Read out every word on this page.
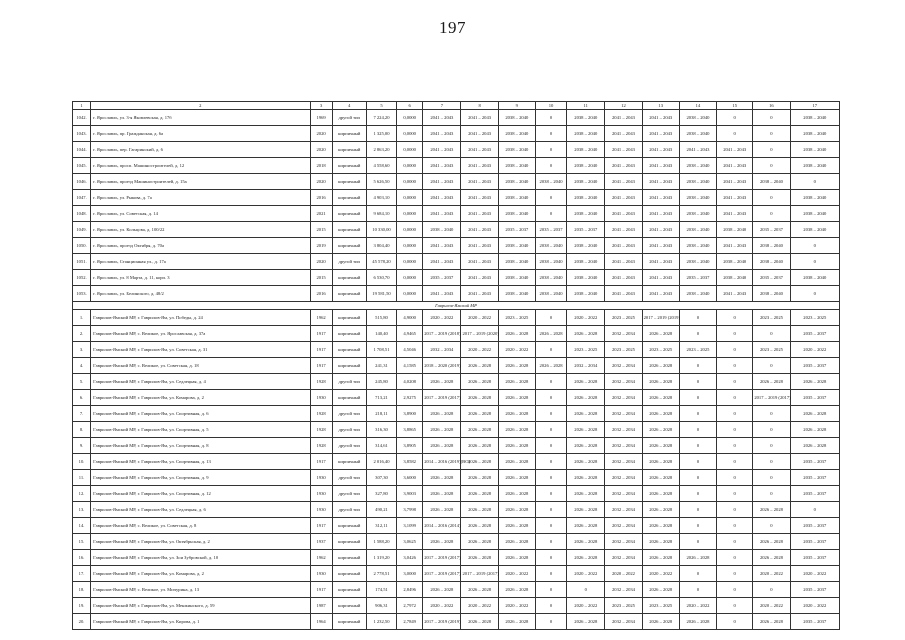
197
1	2	3	4	5	6	7	8	9	10	11	12	13	14	15	16	17
1042.	г. Ярославль, ул. 3-я Яковлевская, д. 17б	1969	другой тип	7 224,20	0,0000	2041 – 2043	2041 – 2043	2038 – 2040	0	2038 – 2040	2041 – 2043	2041 – 2043	2038 – 2040	0	0	2038 – 2040
1043.	г. Ярославль, пр. Гражданская, д. 6а	2020	кирпичный	1 325,00	0,0000	2041 – 2043	2041 – 2043	2038 – 2040	0	2038 – 2040	2041 – 2043	2041 – 2043	2038 – 2040	0	0	2038 – 2040
1044.	г. Ярославль, пер. Гагаринский, д. 6	2020	кирпичный	2 863,20	0,0000	2041 – 2043	2041 – 2043	2038 – 2040	0	2038 – 2040	2041 – 2043	2041 – 2043	2041 – 2043	2041 – 2043	0	2038 – 2040
1045.	г. Ярославль, просп. Машиностроителей, д. 12	2018	кирпичный	4 558,60	0,0000	2041 – 2043	2041 – 2043	2038 – 2040	0	2038 – 2040	2041 – 2043	2041 – 2043	2038 – 2040	2041 – 2043	0	2038 – 2040
1046.	г. Ярославль, проезд Машиностроителей, д. 15а	2020	кирпичный	5 626,50	0,0000	2041 – 2043	2041 – 2043	2038 – 2040	2038 – 2040	2038 – 2040	2041 – 2043	2041 – 2043	2038 – 2040	2041 – 2043	2038 – 2040	0
1047.	г. Ярославль, ул. Рыкова, д. 7а	2016	кирпичный	4 903,10	0,0000	2041 – 2043	2041 – 2043	2038 – 2040	0	2038 – 2040	2041 – 2043	2041 – 2043	2038 – 2040	2041 – 2043	0	2038 – 2040
1048.	г. Ярославль, ул. Советская, д. 14	2021	кирпичный	9 684,10	0,0000	2041 – 2043	2041 – 2043	2038 – 2040	0	2038 – 2040	2041 – 2043	2041 – 2043	2038 – 2040	2041 – 2043	0	2038 – 2040
1049.	г. Ярославль, ул. Кольцова, д. 100/22	2015	кирпичный	10 330,00	0,0000	2038 – 2040	2041 – 2043	2035 – 2037	2035 – 2037	2035 – 2037	2041 – 2043	2041 – 2043	2038 – 2040	2038 – 2040	2035 – 2037	2038 – 2040
1050.	г. Ярославль, проезд Октября, д. 70а	2019	кирпичный	3 804,40	0,0000	2041 – 2043	2041 – 2043	2038 – 2040	2038 – 2040	2038 – 2040	2041 – 2043	2041 – 2043	2038 – 2040	2041 – 2043	2038 – 2040	0
1051.	г. Ярославль, Станционная ул., д. 17а	2020	другой тип	45 578,20	0,0000	2041 – 2043	2041 – 2043	2038 – 2040	2038 – 2040	2038 – 2040	2041 – 2043	2041 – 2043	2038 – 2040	2038 – 2040	2038 – 2040	0
1052.	г. Ярославль, ул. 8 Марта, д. 11, корп. 3	2015	кирпичный	6 530,70	0,0000	2035 – 2037	2041 – 2043	2038 – 2040	2038 – 2040	2038 – 2040	2041 – 2043	2041 – 2043	2035 – 2037	2038 – 2040	2035 – 2037	2038 – 2040
1053.	г. Ярославль, ул. Белинского, д. 48/2	2016	кирпичный	19 581,50	0,0000	2041 – 2043	2041 – 2043	2038 – 2040	2038 – 2040	2038 – 2040	2041 – 2043	2041 – 2043	2038 – 2040	2041 – 2043	2038 – 2040	0
Гаврилов-Ямский МР																
1.	Гаврилов-Ямский МР, г. Гаврилов-Ям, ул. Победы, д. 24	1962	кирпичный	515,80	4,9000	2020 – 2022	2020 – 2022	2023 – 2025	0	2020 – 2022	2023 – 2025	2017 – 2019 (2019)	0	0	2023 – 2025	2023 – 2025
2.	Гаврилов-Ямский МР, с. Великое, ул. Ярославская, д. 37а	1917	кирпичный	140,40	4,9465	2017 – 2019 (2018)	2017 – 2019 (2020)	2026 – 2028	2026 – 2028	2026 – 2028	2032 – 2034	2026 – 2028	0	0	0	2035 – 2037
3.	Гаврилов-Ямский МР, г. Гаврилов-Ям, ул. Советская, д. 31	1917	кирпичный	1 708,51	4,5046	2032 – 2034	2020 – 2022	2020 – 2022	0	2023 – 2025	2023 – 2025	2023 – 2025	2023 – 2025	0	2023 – 2025	2020 – 2022
4.	Гаврилов-Ямский МР, с. Великое, ул. Советская, д. 18	1917	кирпичный	241,31	4,1585	2018 – 2020 (2019)	2026 – 2028	2026 – 2028	2026 – 2028	2032 – 2034	2032 – 2034	2026 – 2028	0	0	0	2035 – 2037
5.	Гаврилов-Ямский МР, г. Гаврилов-Ям, ул. Седлецкая, д. 4	1928	другой тип	245,80	4,0208	2026 – 2028	2026 – 2028	2026 – 2028	0	2026 – 2028	2032 – 2034	2026 – 2028	0	0	2026 – 2028	2026 – 2028
6.	Гаврилов-Ямский МР, г. Гаврилов-Ям, ул. Комарова, д. 2	1930	кирпичный	713,21	2,9275	2017 – 2019 (2017)	2026 – 2028	2026 – 2028	0	2026 – 2028	2032 – 2034	2026 – 2028	0	0	2017 – 2019 (2017)	2035 – 2037
7.	Гаврилов-Ямский МР, г. Гаврилов-Ям, ул. Спортивная, д. 6	1928	другой тип	218,11	3,8900	2026 – 2028	2026 – 2028	2026 – 2028	0	2026 – 2028	2032 – 2034	2026 – 2028	0	0	0	2026 – 2028
8.	Гаврилов-Ямский МР, г. Гаврилов-Ям, ул. Спортивная, д. 5	1928	другой тип	316,30	3,8865	2026 – 2028	2026 – 2028	2026 – 2028	0	2026 – 2028	2032 – 2034	2026 – 2028	0	0	0	2026 – 2028
9.	Гаврилов-Ямский МР, г. Гаврилов-Ям, ул. Спортивная, д. 8	1928	другой тип	314,61	3,8905	2026 – 2028	2026 – 2028	2026 – 2028	0	2026 – 2028	2032 – 2034	2026 – 2028	0	0	0	2026 – 2028
10.	Гаврилов-Ямский МР, г. Гаврилов-Ям, ул. Спортивная, д. 13	1917	кирпичный	2 016,40	3,8582	2014 – 2016 (2019)(ВО)	2026 – 2028	2026 – 2028	0	2026 – 2028	2032 – 2034	2026 – 2028	0	0	0	2035 – 2037
11.	Гаврилов-Ямский МР, г. Гаврилов-Ям, ул. Спортивная, д. 9	1930	другой тип	307,30	3,6000	2026 – 2028	2026 – 2028	2026 – 2028	0	2026 – 2028	2032 – 2034	2026 – 2028	0	0	0	2035 – 2037
12.	Гаврилов-Ямский МР, г. Гаврилов-Ям, ул. Спортивная, д. 12	1930	другой тип	327,80	3,9003	2026 – 2028	2026 – 2028	2026 – 2028	0	2026 – 2028	2032 – 2034	2026 – 2028	0	0	0	2035 – 2037
13.	Гаврилов-Ямский МР, г. Гаврилов-Ям, ул. Седлецкая, д. 6	1930	другой тип	490,21	3,7998	2026 – 2028	2026 – 2028	2026 – 2028	0	2026 – 2028	2032 – 2034	2026 – 2028	0	0	2026 – 2028	0
14.	Гаврилов-Ямский МР, с. Великое, ул. Советская, д. 8	1917	кирпичный	312,11	3,1099	2014 – 2016 (2014)	2026 – 2028	2026 – 2028	0	2026 – 2028	2032 – 2034	2026 – 2028	0	0	0	2035 – 2037
15.	Гаврилов-Ямский МР, г. Гаврилов-Ям, ул. Октябрьская, д. 2	1937	кирпичный	1 588,20	3,0625	2026 – 2028	2026 – 2028	2026 – 2028	0	2026 – 2028	2032 – 2034	2026 – 2028	0	0	2026 – 2028	2035 – 2037
16.	Гаврилов-Ямский МР, г. Гаврилов-Ям, ул. Зои Зубровской, д. 10	1962	кирпичный	1 319,20	3,0426	2017 – 2019 (2017)	2026 – 2028	2026 – 2028	0	2026 – 2028	2032 – 2034	2026 – 2028	2026 – 2028	0	2026 – 2028	2035 – 2037
17.	Гаврилов-Ямский МР, г. Гаврилов-Ям, ул. Комарова, д. 2	1930	кирпичный	2 778,51	3,0000	2017 – 2019 (2017)	2017 – 2019 (2017)	2020 – 2022	0	2020 – 2022	2020 – 2022	2020 – 2022	0	0	2020 – 2022	2020 – 2022
18.	Гаврилов-Ямский МР, с. Великое, ул. Мичурина, д. 13	1917	кирпичный	174,51	2,8496	2026 – 2028	2026 – 2028	2026 – 2028	0	0	2032 – 2034	2026 – 2028	0	0	0	2035 – 2037
19.	Гаврилов-Ямский МР, г. Гаврилов-Ям, ул. Менжинского, д. 59	1987	кирпичный	906,31	2,7972	2020 – 2022	2020 – 2022	2020 – 2022	0	2020 – 2022	2023 – 2025	2023 – 2025	2020 – 2022	0	2020 – 2022	2020 – 2022
20.	Гаврилов-Ямский МР, г. Гаврилов-Ям, ул. Кирова, д. 1	1964	кирпичный	1 232,50	2,7849	2017 – 2019 (2019)	2026 – 2028	2026 – 2028	0	2026 – 2028	2032 – 2034	2026 – 2028	2026 – 2028	0	2026 – 2028	2035 – 2037
